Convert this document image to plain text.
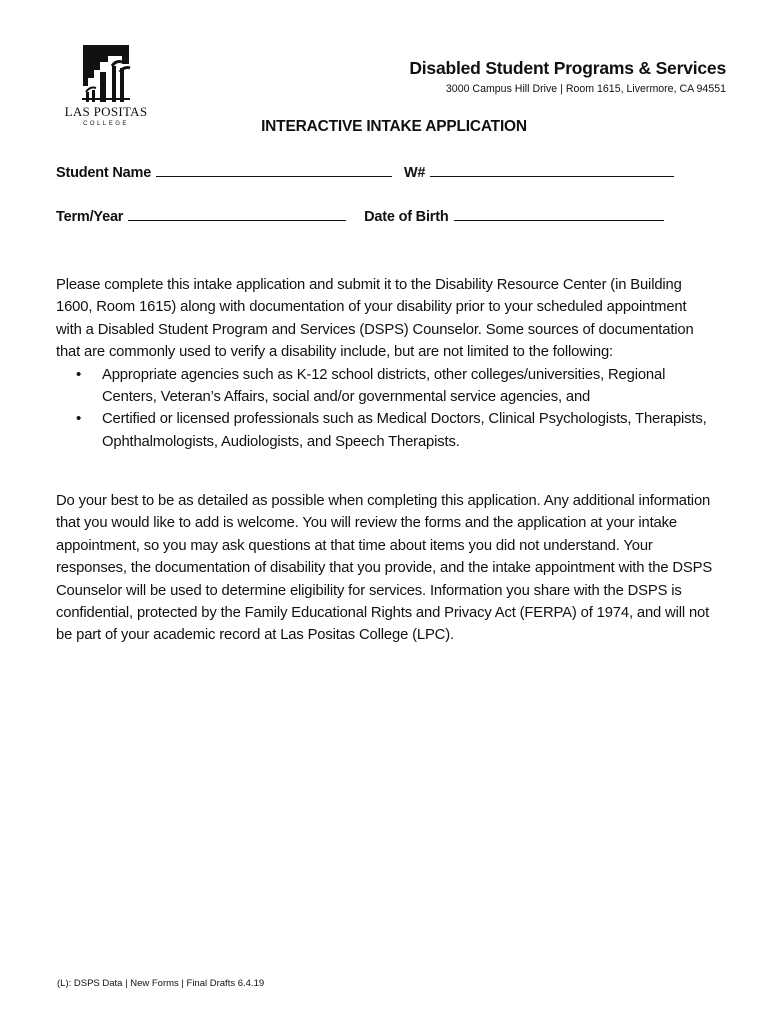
LAS POSITAS
COLLEGE
Disabled Student Programs & Services
3000 Campus Hill Drive | Room 1615, Livermore, CA 94551
INTERACTIVE INTAKE APPLICATION
Student Name	W#
Term/Year	Date of Birth

Please complete this intake application and submit it to the Disability Resource Center (in Building 1600, Room 1615) along with documentation of your disability prior to your scheduled appointment with a Disabled Student Program and Services (DSPS) Counselor. Some sources of documentation that are commonly used to verify a disability include, but are not limited to the following:

• Appropriate agencies such as K-12 school districts, other colleges/universities, Regional Centers, Veteran’s Affairs, social and/or governmental service agencies, and
• Certified or licensed professionals such as Medical Doctors, Clinical Psychologists, Therapists, Ophthalmologists, Audiologists, and Speech Therapists.

Do your best to be as detailed as possible when completing this application. Any additional information that you would like to add is welcome. You will review the forms and the application at your intake appointment, so you may ask questions at that time about items you did not understand. Your responses, the documentation of disability that you provide, and the intake appointment with the DSPS Counselor will be used to determine eligibility for services. Information you share with the DSPS is confidential, protected by the Family Educational Rights and Privacy Act (FERPA) of 1974, and will not be part of your academic record at Las Positas College (LPC).

(L): DSPS Data | New Forms | Final Drafts 6.4.19
